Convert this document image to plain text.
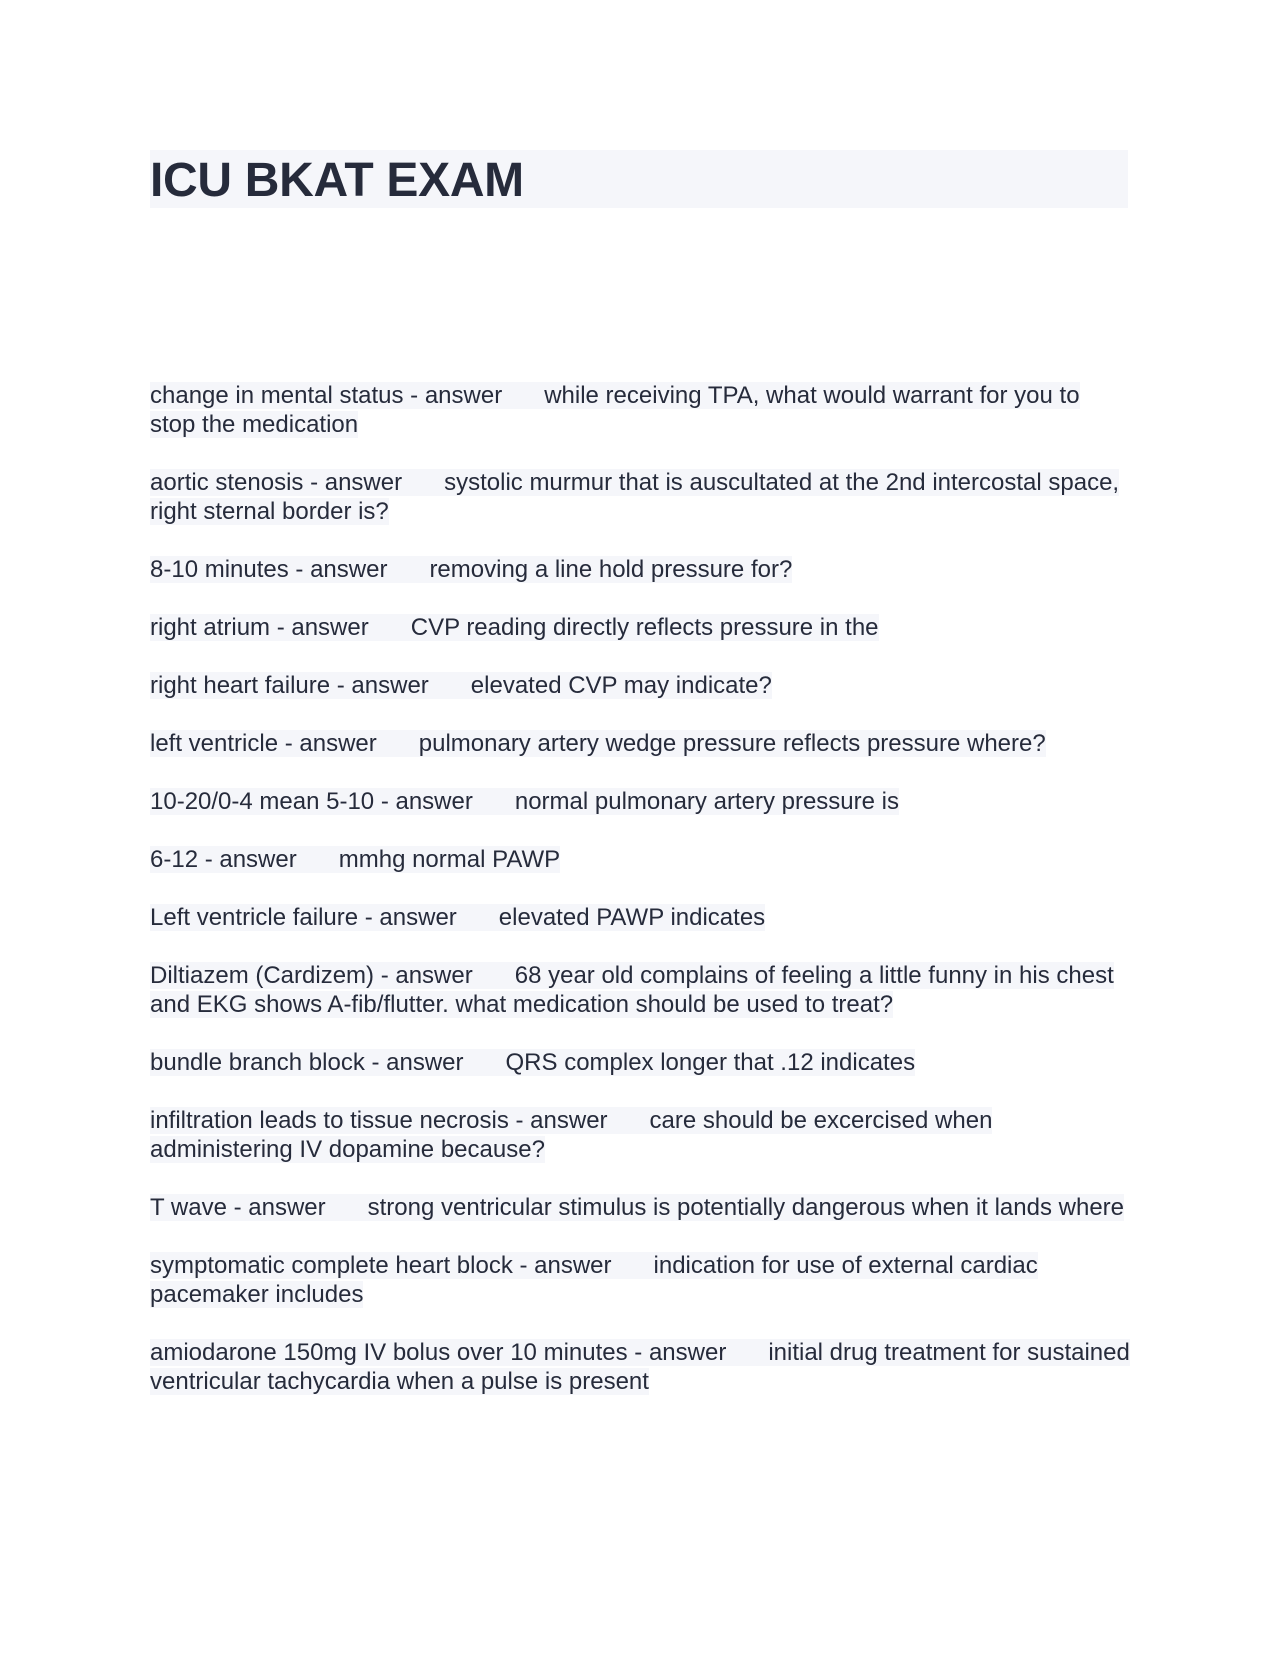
ICU BKAT EXAM

change in mental status - answer while receiving TPA, what would warrant for you to stop the medication

aortic stenosis - answer systolic murmur that is auscultated at the 2nd intercostal space, right sternal border is?

8-10 minutes - answer removing a line hold pressure for?

right atrium - answer CVP reading directly reflects pressure in the

right heart failure - answer elevated CVP may indicate?

left ventricle - answer pulmonary artery wedge pressure reflects pressure where?

10-20/0-4 mean 5-10 - answer normal pulmonary artery pressure is

6-12 - answer mmhg normal PAWP

Left ventricle failure - answer elevated PAWP indicates

Diltiazem (Cardizem) - answer 68 year old complains of feeling a little funny in his chest and EKG shows A-fib/flutter. what medication should be used to treat?

bundle branch block - answer QRS complex longer that .12 indicates

infiltration leads to tissue necrosis - answer care should be excercised when administering IV dopamine because?

T wave - answer strong ventricular stimulus is potentially dangerous when it lands where

symptomatic complete heart block - answer indication for use of external cardiac pacemaker includes

amiodarone 150mg IV bolus over 10 minutes - answer initial drug treatment for sustained ventricular tachycardia when a pulse is present
